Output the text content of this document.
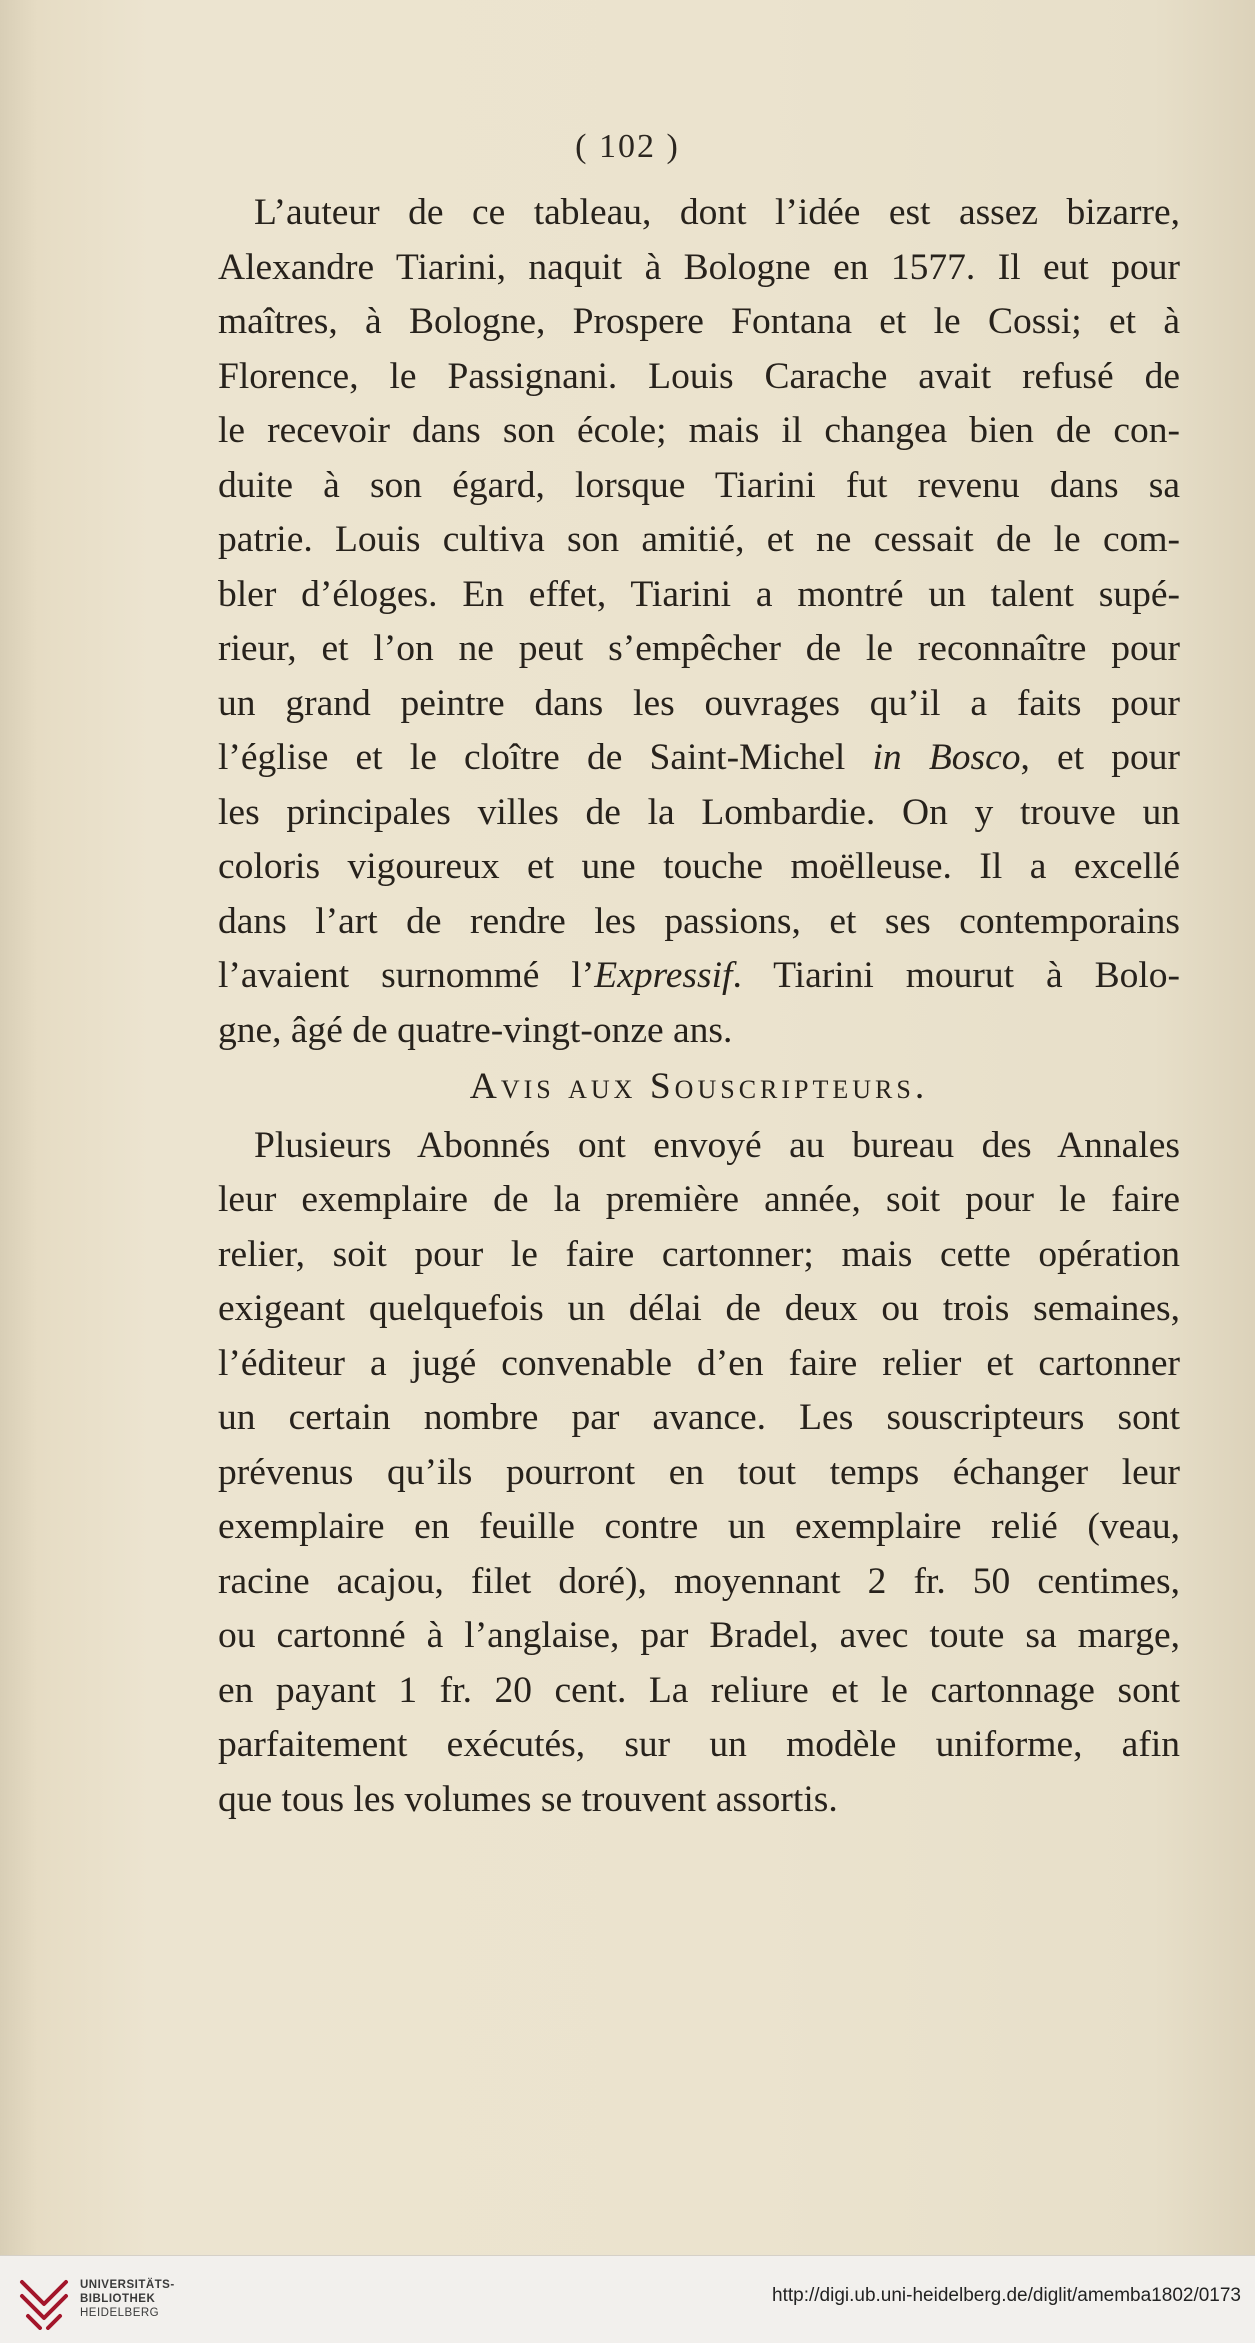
( 102 )
L’auteur de ce tableau, dont l’idée est assez bizarre,
Alexandre Tiarini, naquit à Bologne en 1577. Il eut pour
maîtres, à Bologne, Prospere Fontana et le Cossi; et à
Florence, le Passignani. Louis Carache avait refusé de
le recevoir dans son école; mais il changea bien de con-
duite à son égard, lorsque Tiarini fut revenu dans sa
patrie. Louis cultiva son amitié, et ne cessait de le com-
bler d’éloges. En effet, Tiarini a montré un talent supé-
rieur, et l’on ne peut s’empêcher de le reconnaître pour
un grand peintre dans les ouvrages qu’il a faits pour
l’église et le cloître de Saint-Michel in Bosco, et pour
les principales villes de la Lombardie. On y trouve un
coloris vigoureux et une touche moëlleuse. Il a excellé
dans l’art de rendre les passions, et ses contemporains
l’avaient surnommé l’Expressif. Tiarini mourut à Bolo-
gne, âgé de quatre-vingt-onze ans.
Avis aux Souscripteurs.
Plusieurs Abonnés ont envoyé au bureau des Annales
leur exemplaire de la première année, soit pour le faire
relier, soit pour le faire cartonner; mais cette opération
exigeant quelquefois un délai de deux ou trois semaines,
l’éditeur a jugé convenable d’en faire relier et cartonner
un certain nombre par avance. Les souscripteurs sont
prévenus qu’ils pourront en tout temps échanger leur
exemplaire en feuille contre un exemplaire relié (veau,
racine acajou, filet doré), moyennant 2 fr. 50 centimes,
ou cartonné à l’anglaise, par Bradel, avec toute sa marge,
en payant 1 fr. 20 cent. La reliure et le cartonnage sont
parfaitement exécutés, sur un modèle uniforme, afin
que tous les volumes se trouvent assortis.
UNIVERSITÄTS-
BIBLIOTHEK
HEIDELBERG
http://digi.ub.uni-heidelberg.de/diglit/amemba1802/0173
